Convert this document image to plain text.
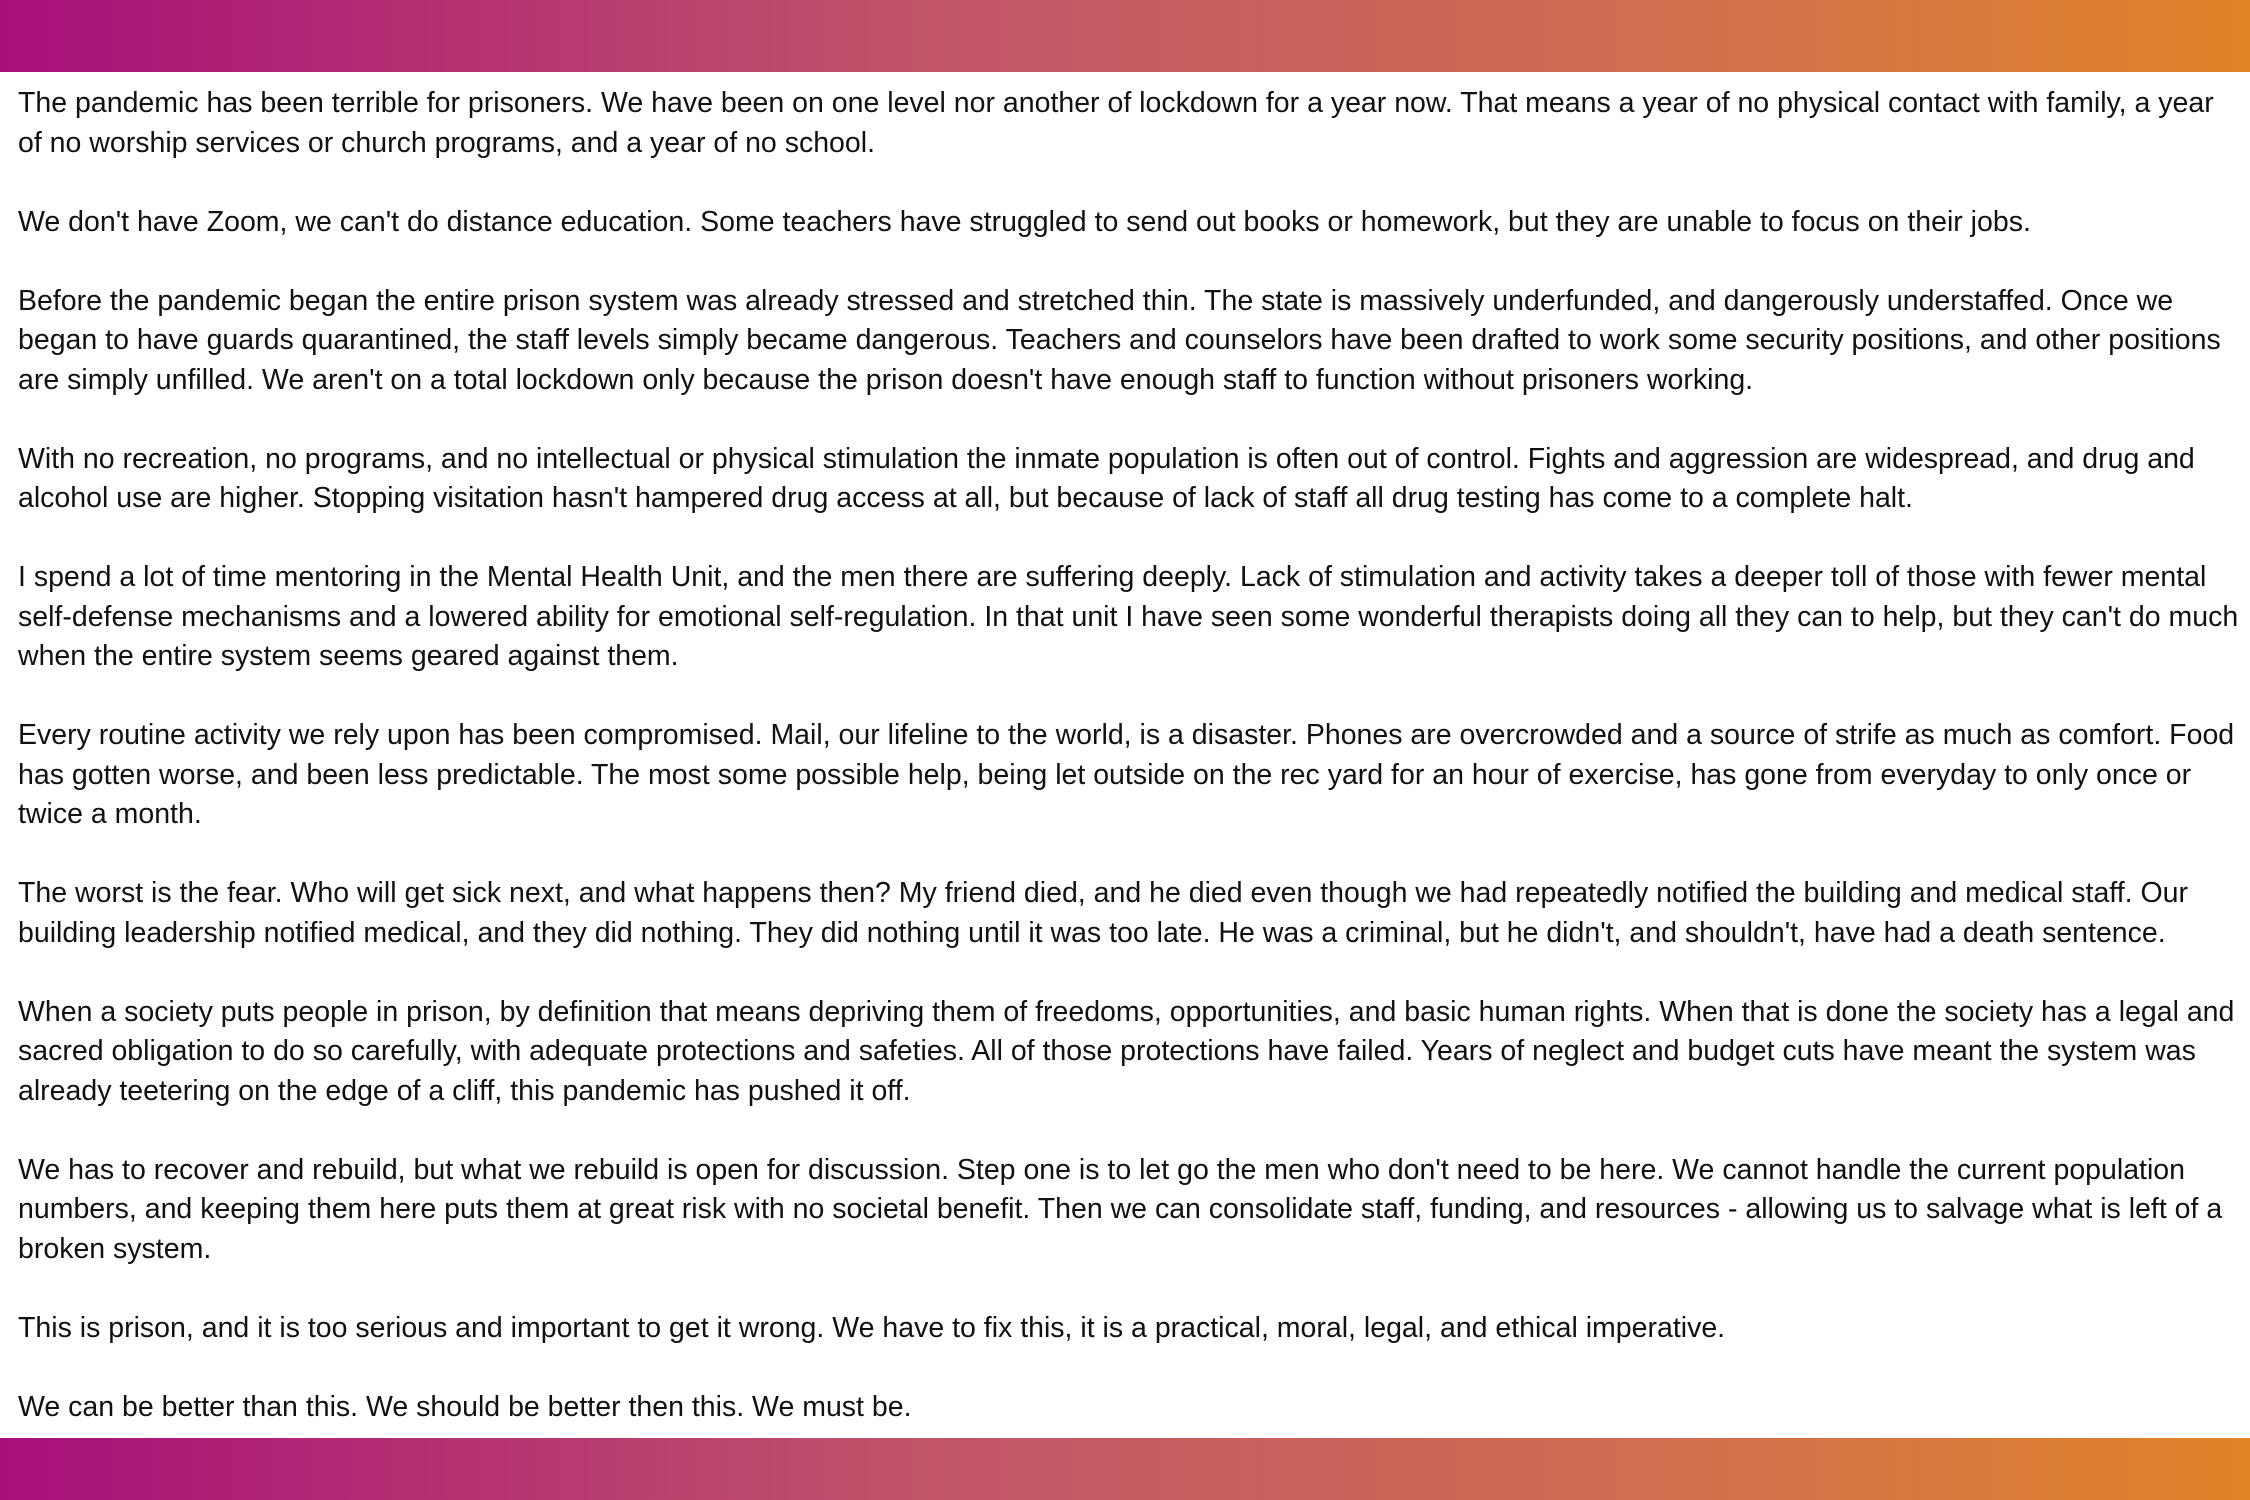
The pandemic has been terrible for prisoners. We have been on one level nor another of lockdown for a year now. That means a year of no physical contact with family, a year of no worship services or church programs, and a year of no school.

We don't have Zoom, we can't do distance education. Some teachers have struggled to send out books or homework, but they are unable to focus on their jobs.

Before the pandemic began the entire prison system was already stressed and stretched thin. The state is massively underfunded, and dangerously understaffed. Once we began to have guards quarantined, the staff levels simply became dangerous. Teachers and counselors have been drafted to work some security positions, and other positions are simply unfilled. We aren't on a total lockdown only because the prison doesn't have enough staff to function without prisoners working.

With no recreation, no programs, and no intellectual or physical stimulation the inmate population is often out of control. Fights and aggression are widespread, and drug and alcohol use are higher. Stopping visitation hasn't hampered drug access at all, but because of lack of staff all drug testing has come to a complete halt.

I spend a lot of time mentoring in the Mental Health Unit, and the men there are suffering deeply. Lack of stimulation and activity takes a deeper toll of those with fewer mental self-defense mechanisms and a lowered ability for emotional self-regulation. In that unit I have seen some wonderful therapists doing all they can to help, but they can't do much when the entire system seems geared against them.

Every routine activity we rely upon has been compromised. Mail, our lifeline to the world, is a disaster. Phones are overcrowded and a source of strife as much as comfort. Food has gotten worse, and been less predictable. The most some possible help, being let outside on the rec yard for an hour of exercise, has gone from everyday to only once or twice a month.

The worst is the fear. Who will get sick next, and what happens then? My friend died, and he died even though we had repeatedly notified the building and medical staff. Our building leadership notified medical, and they did nothing. They did nothing until it was too late. He was a criminal, but he didn't, and shouldn't, have had a death sentence.

When a society puts people in prison, by definition that means depriving them of freedoms, opportunities, and basic human rights. When that is done the society has a legal and sacred obligation to do so carefully, with adequate protections and safeties. All of those protections have failed. Years of neglect and budget cuts have meant the system was already teetering on the edge of a cliff, this pandemic has pushed it off.

We has to recover and rebuild, but what we rebuild is open for discussion. Step one is to let go the men who don't need to be here. We cannot handle the current population numbers, and keeping them here puts them at great risk with no societal benefit. Then we can consolidate staff, funding, and resources - allowing us to salvage what is left of a broken system.

This is prison, and it is too serious and important to get it wrong. We have to fix this, it is a practical, moral, legal, and ethical imperative.

We can be better than this. We should be better then this. We must be.
